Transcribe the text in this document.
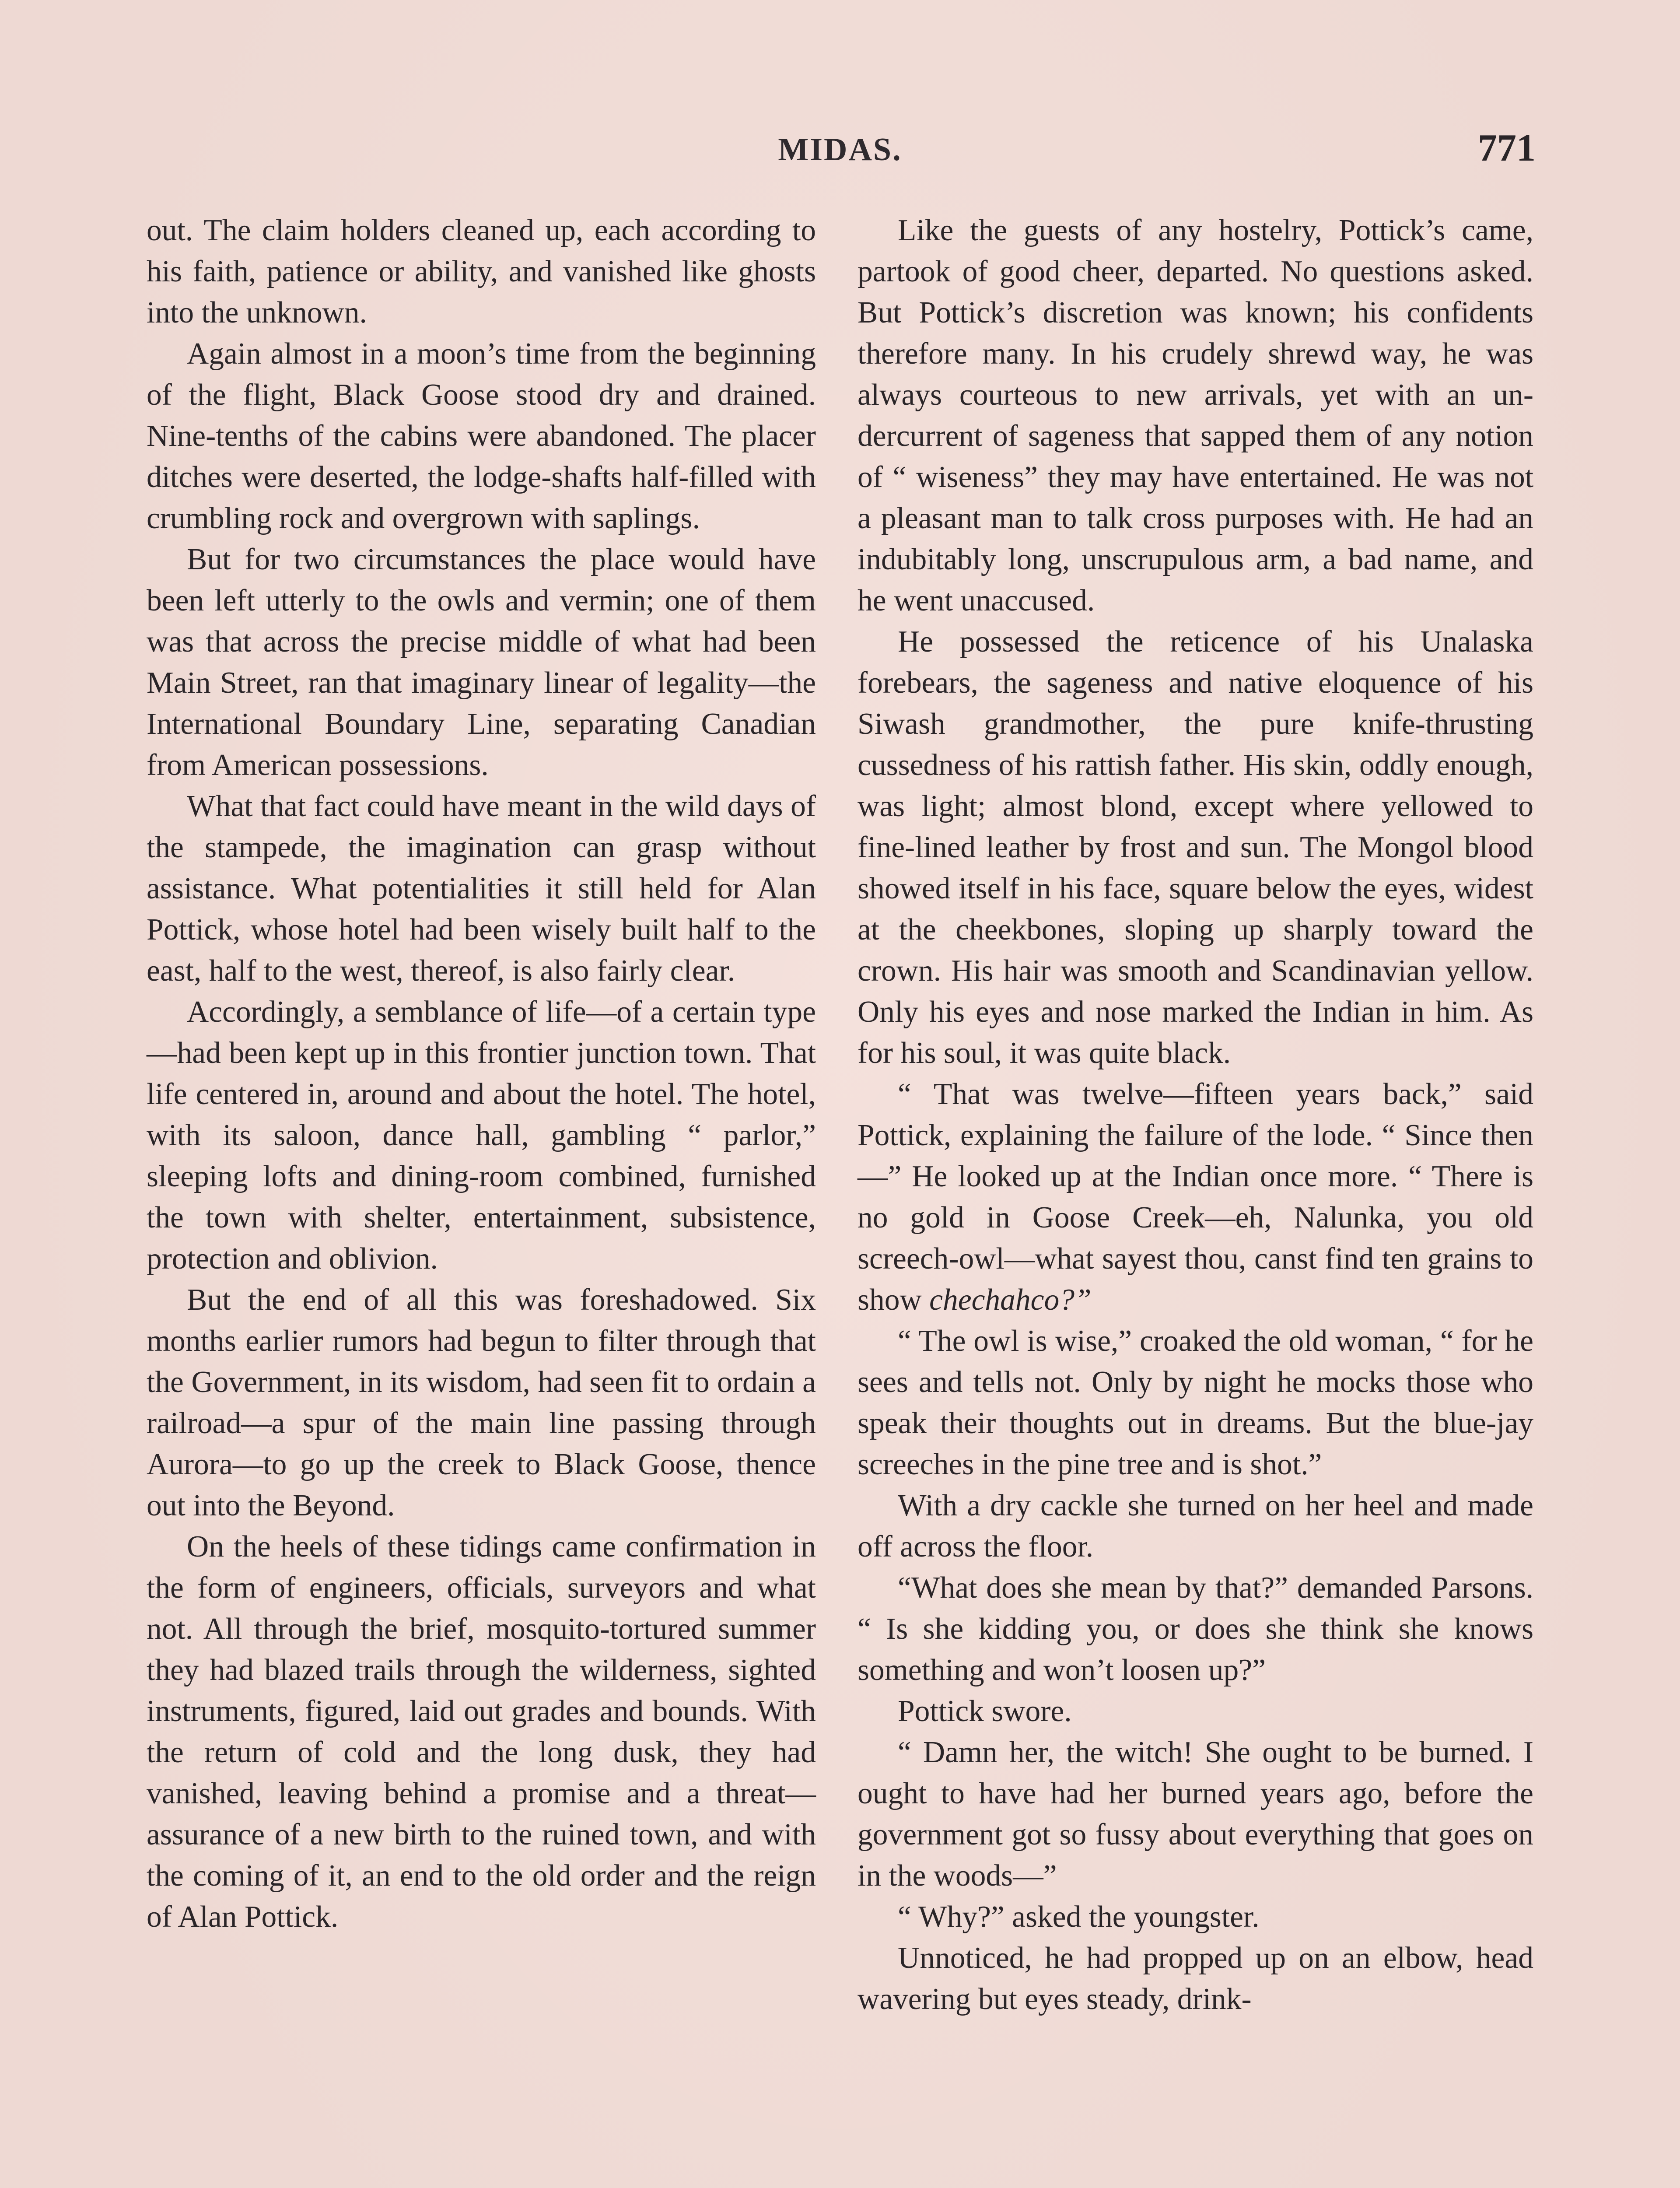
MIDAS.	771

out. The claim holders cleaned up, each according to his faith, patience or ability, and vanished like ghosts into the unknown.

Again almost in a moon’s time from the beginning of the flight, Black Goose stood dry and drained. Nine-tenths of the cabins were abandoned. The placer ditches were deserted, the lodge-shafts half-filled with crumbling rock and overgrown with saplings.

But for two circumstances the place would have been left utterly to the owls and vermin; one of them was that across the precise middle of what had been Main Street, ran that imaginary linear of legality—the International Boundary Line, separating Canadian from American possessions.

What that fact could have meant in the wild days of the stampede, the imagination can grasp without assistance. What potentialities it still held for Alan Pottick, whose hotel had been wisely built half to the east, half to the west, thereof, is also fairly clear.

Accordingly, a semblance of life—of a certain type—had been kept up in this frontier junction town. That life centered in, around and about the hotel. The hotel, with its saloon, dance hall, gambling “ parlor,” sleeping lofts and dining-room combined, furnished the town with shelter, entertainment, subsistence, protection and oblivion.

But the end of all this was foreshadowed. Six months earlier rumors had begun to filter through that the Government, in its wisdom, had seen fit to ordain a railroad—a spur of the main line passing through Aurora—to go up the creek to Black Goose, thence out into the Beyond.

On the heels of these tidings came confirmation in the form of engineers, officials, surveyors and what not. All through the brief, mosquito-tortured summer they had blazed trails through the wilderness, sighted instruments, figured, laid out grades and bounds. With the return of cold and the long dusk, they had vanished, leaving behind a promise and a threat—assurance of a new birth to the ruined town, and with the coming of it, an end to the old order and the reign of Alan Pottick.

Like the guests of any hostelry, Pottick’s came, partook of good cheer, departed. No questions asked. But Pottick’s discretion was known; his confidents therefore many. In his crudely shrewd way, he was always courteous to new arrivals, yet with an undercurrent of sageness that sapped them of any notion of “ wiseness” they may have entertained. He was not a pleasant man to talk cross purposes with. He had an indubitably long, unscrupulous arm, a bad name, and he went unaccused.

He possessed the reticence of his Unalaska forebears, the sageness and native eloquence of his Siwash grandmother, the pure knife-thrusting cussedness of his rattish father. His skin, oddly enough, was light; almost blond, except where yellowed to fine-lined leather by frost and sun. The Mongol blood showed itself in his face, square below the eyes, widest at the cheekbones, sloping up sharply toward the crown. His hair was smooth and Scandinavian yellow. Only his eyes and nose marked the Indian in him. As for his soul, it was quite black.

“ That was twelve—fifteen years back,” said Pottick, explaining the failure of the lode. “ Since then—” He looked up at the Indian once more. “ There is no gold in Goose Creek—eh, Nalunka, you old screech-owl—what sayest thou, canst find ten grains to show chechahco?”

“ The owl is wise,” croaked the old woman, “ for he sees and tells not. Only by night he mocks those who speak their thoughts out in dreams. But the blue-jay screeches in the pine tree and is shot.”

With a dry cackle she turned on her heel and made off across the floor.

“What does she mean by that?” demanded Parsons. “ Is she kidding you, or does she think she knows something and won’t loosen up?”

Pottick swore.

“ Damn her, the witch! She ought to be burned. I ought to have had her burned years ago, before the government got so fussy about everything that goes on in the woods—”

“ Why?” asked the youngster.

Unnoticed, he had propped up on an elbow, head wavering but eyes steady, drink-
